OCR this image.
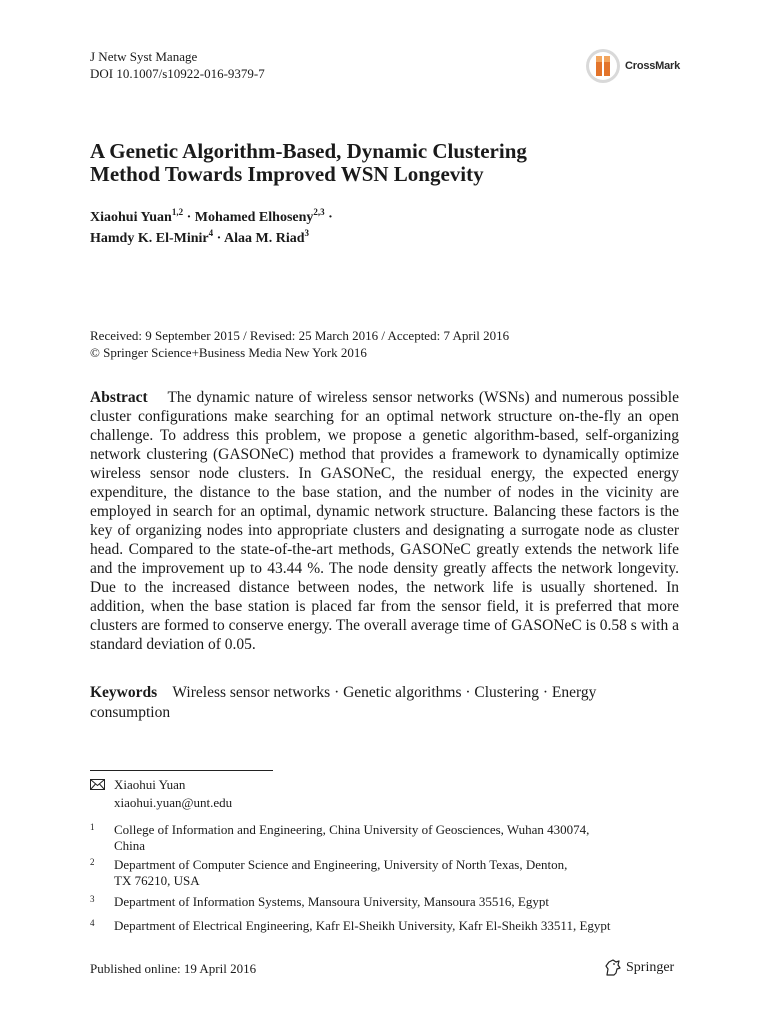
J Netw Syst Manage
DOI 10.1007/s10922-016-9379-7	CrossMark
A Genetic Algorithm-Based, Dynamic Clustering
Method Towards Improved WSN Longevity
Xiaohui Yuan$^{1,2}$ · Mohamed Elhoseny$^{2,3}$ ·
Hamdy K. El-Minir$^4$ · Alaa M. Riad$^3$
Received: 9 September 2015 / Revised: 25 March 2016 / Accepted: 7 April 2016
© Springer Science+Business Media New York 2016
Abstract The dynamic nature of wireless sensor networks (WSNs) and numerous possible cluster configurations make searching for an optimal network structure on-the-fly an open challenge. To address this problem, we propose a genetic algorithm-based, self-organizing network clustering (GASONeC) method that provides a framework to dynamically optimize wireless sensor node clusters. In GASONeC, the residual energy, the expected energy expenditure, the distance to the base station, and the number of nodes in the vicinity are employed in search for an optimal, dynamic network structure. Balancing these factors is the key of organizing nodes into appropriate clusters and designating a surrogate node as cluster head. Compared to the state-of-the-art methods, GASONeC greatly extends the network life and the improvement up to 43.44 %. The node density greatly affects the network longevity. Due to the increased distance between nodes, the network life is usually shortened. In addition, when the base station is placed far from the sensor field, it is preferred that more clusters are formed to conserve energy. The overall average time of GASONeC is 0.58 s with a standard deviation of 0.05.
Keywords Wireless sensor networks · Genetic algorithms · Clustering · Energy consumption
Xiaohui Yuan
xiaohui.yuan@unt.edu
1 College of Information and Engineering, China University of Geosciences, Wuhan 430074,
China
2 Department of Computer Science and Engineering, University of North Texas, Denton,
TX 76210, USA
3 Department of Information Systems, Mansoura University, Mansoura 35516, Egypt
4 Department of Electrical Engineering, Kafr El-Sheikh University, Kafr El-Sheikh 33511, Egypt
Published online: 19 April 2016	Springer
